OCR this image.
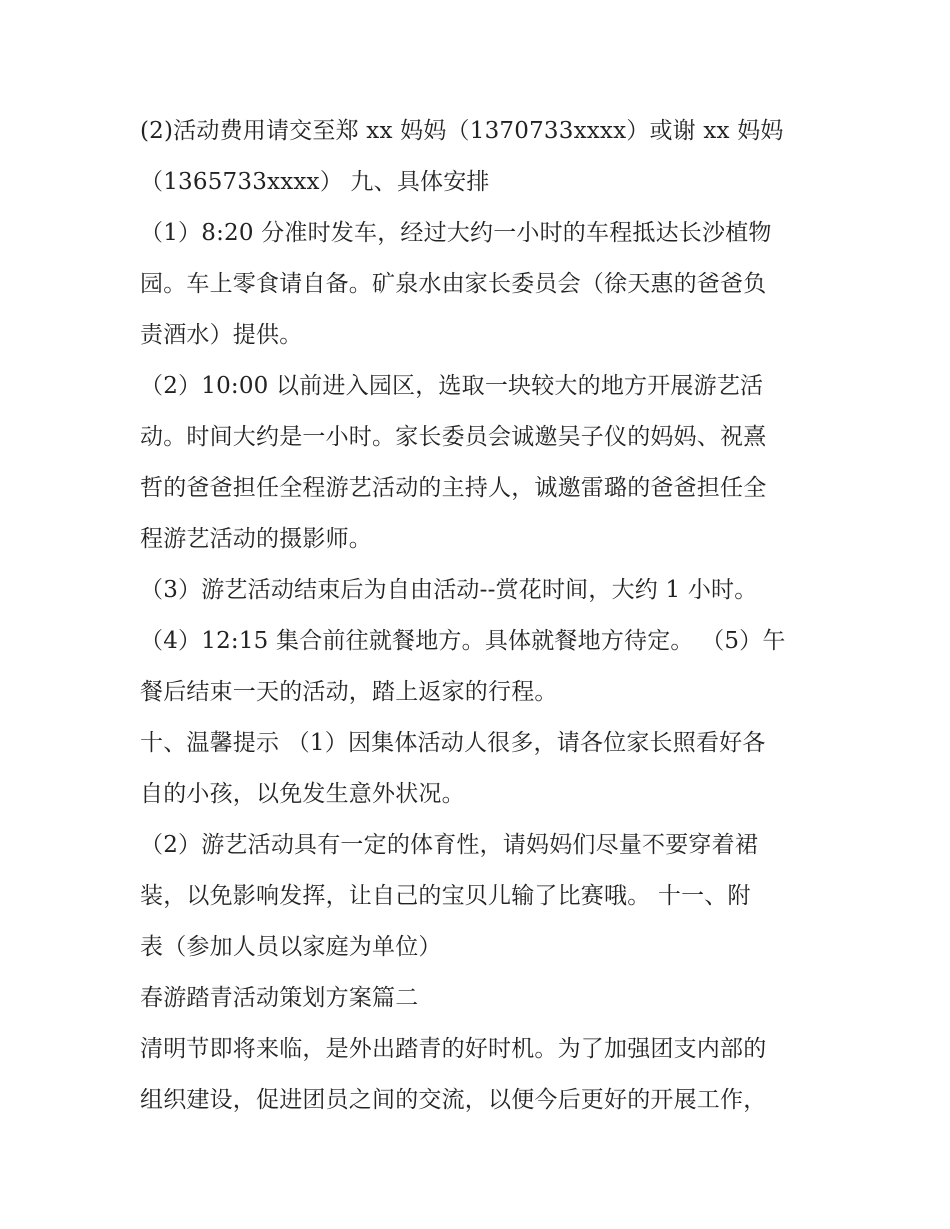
(2)活动费用请交至郑 xx 妈妈（1370733xxxx）或谢 xx 妈妈
（1365733xxxx） 九、具体安排
（1）8:20 分准时发车，经过大约一小时的车程抵达长沙植物
园。车上零食请自备。矿泉水由家长委员会（徐天惠的爸爸负
责酒水）提供。
（2）10:00 以前进入园区，选取一块较大的地方开展游艺活
动。时间大约是一小时。家长委员会诚邀吴子仪的妈妈、祝熹
哲的爸爸担任全程游艺活动的主持人，诚邀雷璐的爸爸担任全
程游艺活动的摄影师。
（3）游艺活动结束后为自由活动--赏花时间，大约 1 小时。
（4）12:15 集合前往就餐地方。具体就餐地方待定。 （5）午
餐后结束一天的活动，踏上返家的行程。
十、温馨提示 （1）因集体活动人很多，请各位家长照看好各
自的小孩，以免发生意外状况。
（2）游艺活动具有一定的体育性，请妈妈们尽量不要穿着裙
装，以免影响发挥，让自己的宝贝儿输了比赛哦。 十一、附
表（参加人员以家庭为单位）
春游踏青活动策划方案篇二
清明节即将来临，是外出踏青的好时机。为了加强团支内部的
组织建设，促进团员之间的交流，以便今后更好的开展工作，
